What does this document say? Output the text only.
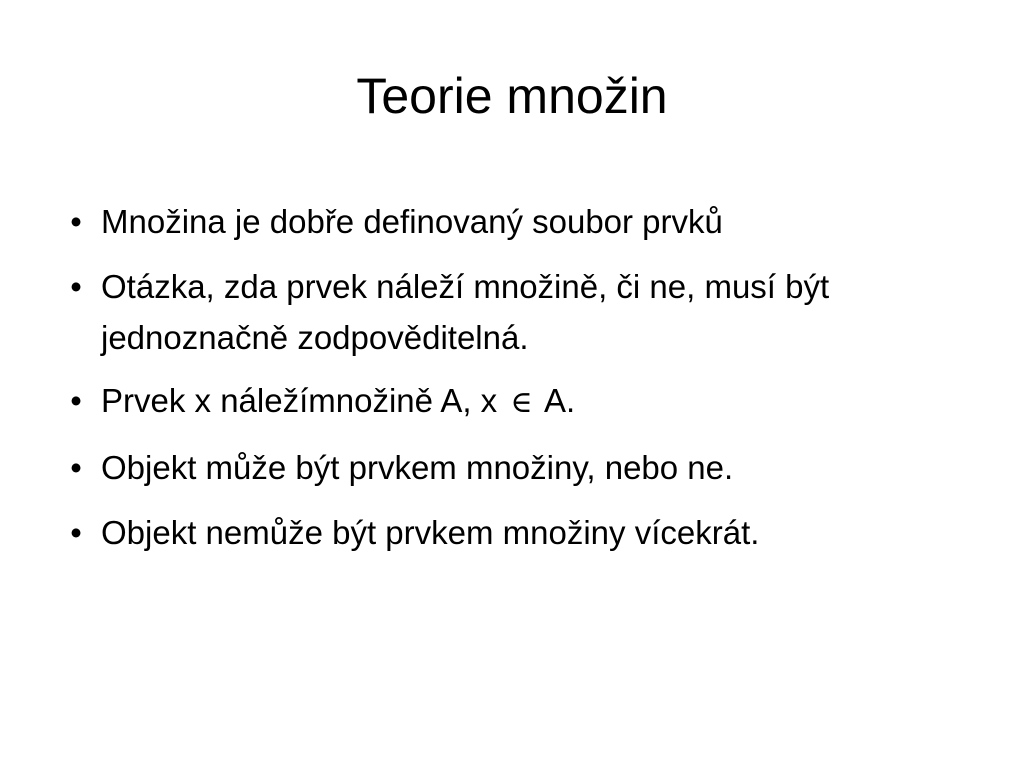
Teorie množin
• Množina je dobře definovaný soubor prvků
• Otázka, zda prvek náleží množině, či ne, musí být jednoznačně zodpověditelná.
• Prvek x náležímnožině A, x ∈ A.
• Objekt může být prvkem množiny, nebo ne.
• Objekt nemůže být prvkem množiny vícekrát.
